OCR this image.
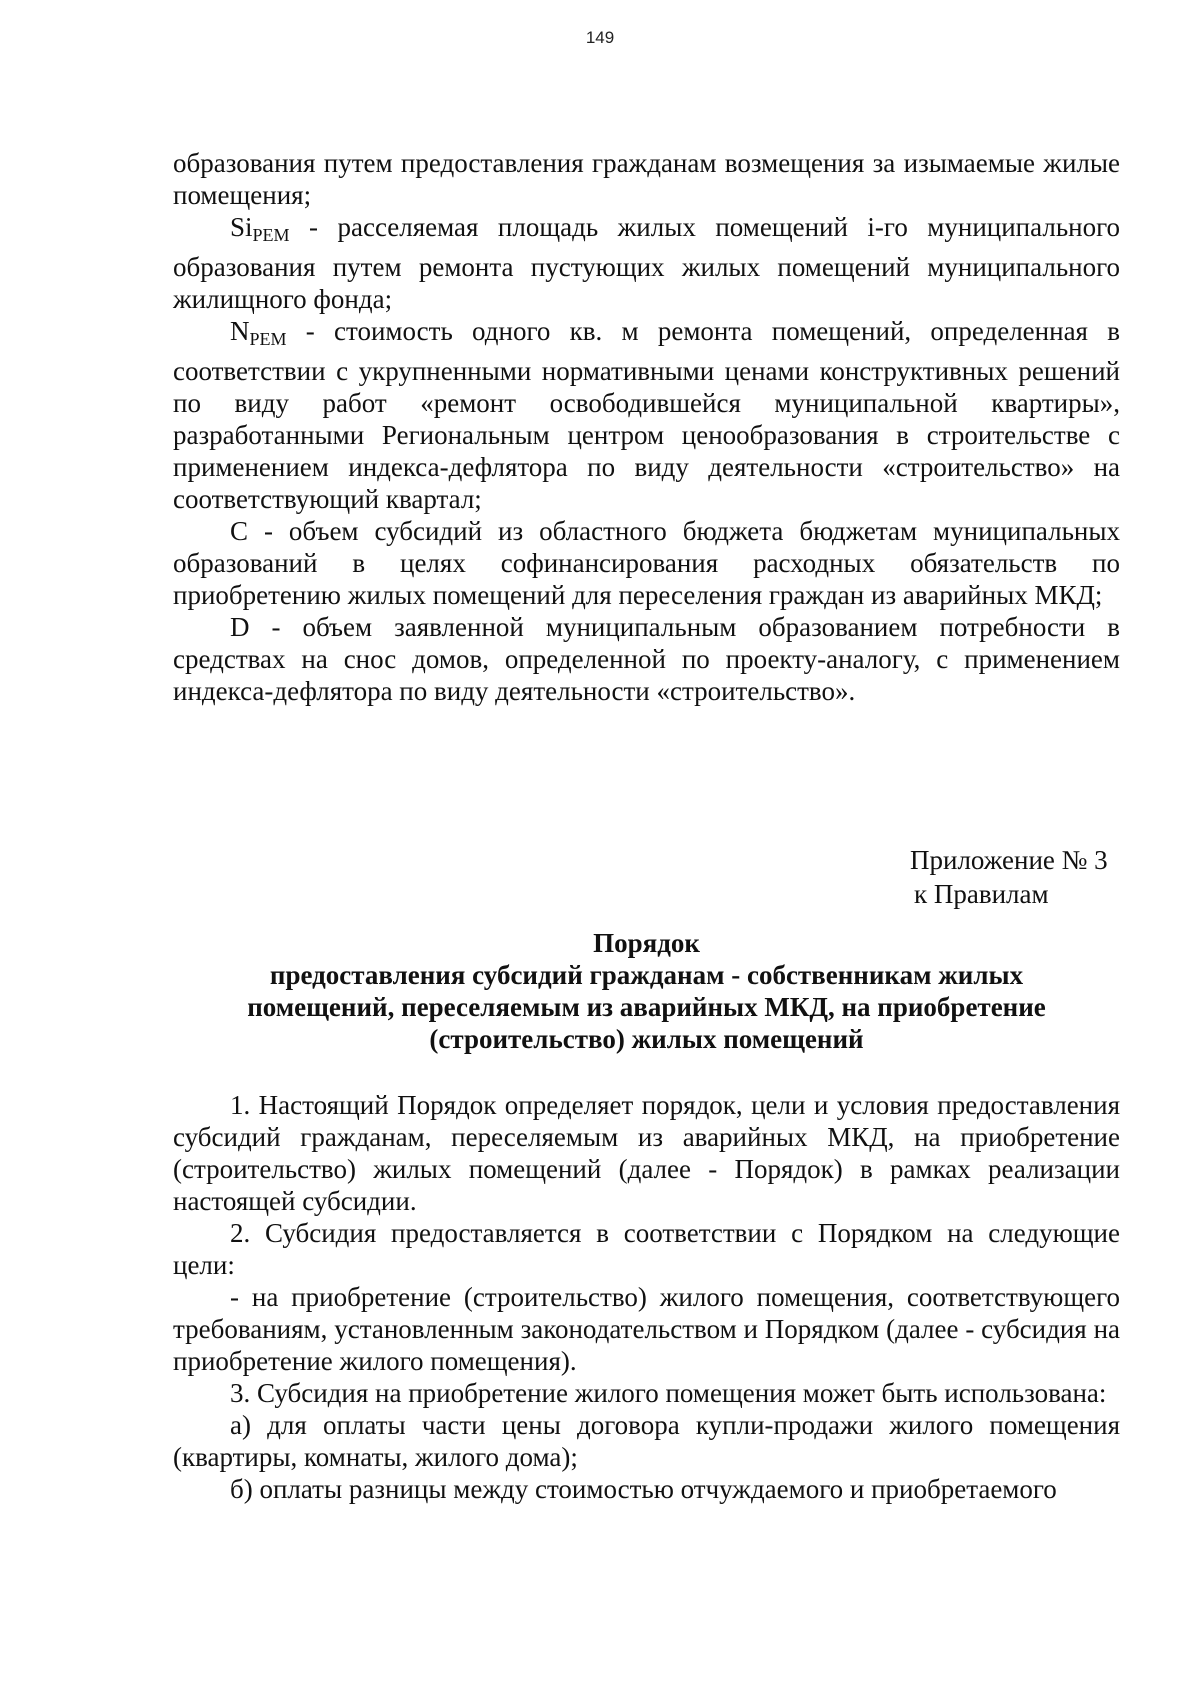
149

образования путем предоставления гражданам возмещения за изымаемые жилые помещения;

$Si_{PEM}$ - расселяемая площадь жилых помещений i-го муниципального образования путем ремонта пустующих жилых помещений муниципального жилищного фонда;

$N_{PEM}$ - стоимость одного кв. м ремонта помещений, определенная в соответствии с укрупненными нормативными ценами конструктивных решений по виду работ «ремонт освободившейся муниципальной квартиры», разработанными Региональным центром ценообразования в строительстве с применением индекса-дефлятора по виду деятельности «строительство» на соответствующий квартал;

C - объем субсидий из областного бюджета бюджетам муниципальных образований в целях софинансирования расходных обязательств по приобретению жилых помещений для переселения граждан из аварийных МКД;

D - объем заявленной муниципальным образованием потребности в средствах на снос домов, определенной по проекту-аналогу, с применением индекса-дефлятора по виду деятельности «строительство».

Приложение № 3
к Правилам
Порядок
предоставления субсидий гражданам - собственникам жилых
помещений, переселяемым из аварийных МКД, на приобретение
(строительство) жилых помещений

1. Настоящий Порядок определяет порядок, цели и условия предоставления субсидий гражданам, переселяемым из аварийных МКД, на приобретение (строительство) жилых помещений (далее - Порядок) в рамках реализации настоящей субсидии.

2. Субсидия предоставляется в соответствии с Порядком на следующие цели:

- на приобретение (строительство) жилого помещения, соответствующего требованиям, установленным законодательством и Порядком (далее - субсидия на приобретение жилого помещения).

3. Субсидия на приобретение жилого помещения может быть использована:

а) для оплаты части цены договора купли-продажи жилого помещения (квартиры, комнаты, жилого дома);

б) оплаты разницы между стоимостью отчуждаемого и приобретаемого
